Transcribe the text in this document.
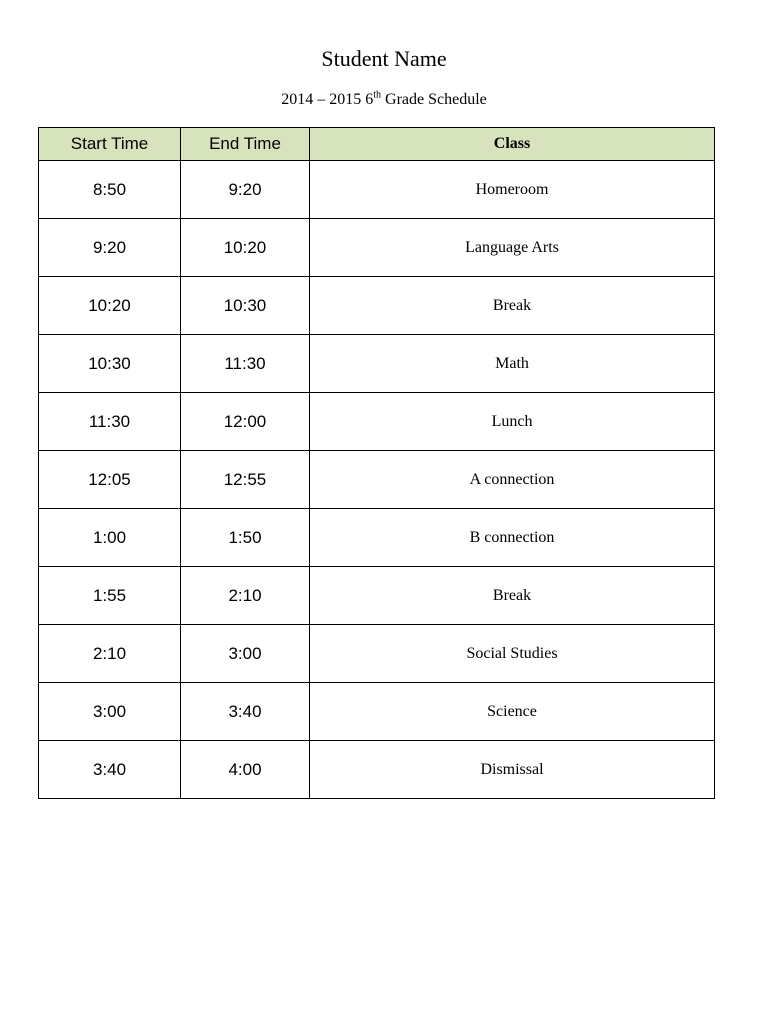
Student Name
2014 – 2015 6th Grade Schedule
Start Time	End Time	Class
8:50	9:20	Homeroom
9:20	10:20	Language Arts
10:20	10:30	Break
10:30	11:30	Math
11:30	12:00	Lunch
12:05	12:55	A connection
1:00	1:50	B connection
1:55	2:10	Break
2:10	3:00	Social Studies
3:00	3:40	Science
3:40	4:00	Dismissal
